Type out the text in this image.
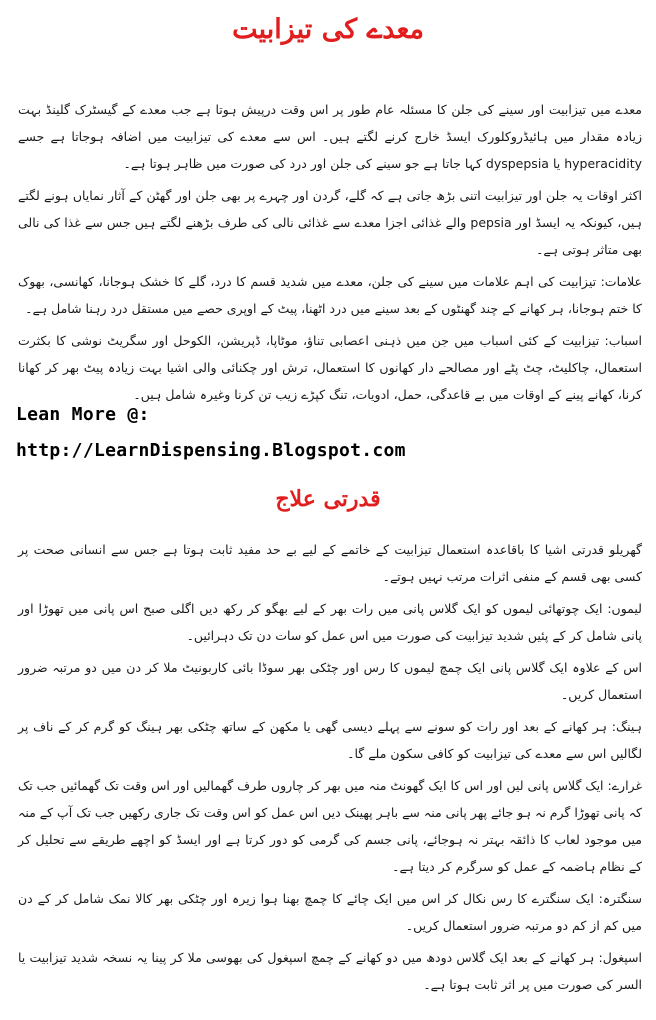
معدے کی تیزابیت

معدے میں تیزابیت اور سینے کی جلن کا مسئلہ عام طور پر اس وقت درپیش ہوتا ہے جب معدے کے گیسٹرک گلینڈ بہت زیادہ مقدار میں ہائیڈروکلورک ایسڈ خارج کرنے لگتے ہیں۔ اس سے معدے کی تیزابیت میں اضافہ ہوجاتا ہے جسے hyperacidity یا dyspepsia کہا جاتا ہے جو سینے کی جلن اور درد کی صورت میں ظاہر ہوتا ہے۔

اکثر اوقات یہ جلن اور تیزابیت اتنی بڑھ جاتی ہے کہ گلے، گردن اور چہرے پر بھی جلن اور گھٹن کے آثار نمایاں ہونے لگتے ہیں، کیونکہ یہ ایسڈ اور pepsia والے غذائی اجزا معدے سے غذائی نالی کی طرف بڑھنے لگتے ہیں جس سے غذا کی نالی بھی متاثر ہوتی ہے۔

علامات: تیزابیت کی اہم علامات میں سینے کی جلن، معدے میں شدید قسم کا درد، گلے کا خشک ہوجانا، کھانسی، بھوک کا ختم ہوجانا، ہر کھانے کے چند گھنٹوں کے بعد سینے میں درد اٹھنا، پیٹ کے اوپری حصے میں مستقل درد رہنا شامل ہے۔

اسباب: تیزابیت کے کئی اسباب میں جن میں ذہنی اعصابی تناؤ، موٹاپا، ڈپریشن، الکوحل اور سگریٹ نوشی کا بکثرت استعمال، چاکلیٹ، چٹ پٹے اور مصالحے دار کھانوں کا استعمال، ترش اور چکنائی والی اشیا بہت زیادہ پیٹ بھر کر کھانا کرنا، کھانے پینے کے اوقات میں بے قاعدگی، حمل، ادویات، تنگ کپڑے زیب تن کرنا وغیرہ شامل ہیں۔

Lean More @:
http://LearnDispensing.Blogspot.com
قدرتی علاج

گھریلو قدرتی اشیا کا باقاعدہ استعمال تیزابیت کے خاتمے کے لیے بے حد مفید ثابت ہوتا ہے جس سے انسانی صحت پر کسی بھی قسم کے منفی اثرات مرتب نہیں ہوتے۔

لیموں: ایک چوتھائی لیموں کو ایک گلاس پانی میں رات بھر کے لیے بھگو کر رکھ دیں اگلی صبح اس پانی میں تھوڑا اور پانی شامل کر کے پئیں شدید تیزابیت کی صورت میں اس عمل کو سات دن تک دہرائیں۔

اس کے علاوہ ایک گلاس پانی ایک چمچ لیموں کا رس اور چٹکی بھر سوڈا بائی کاربونیٹ ملا کر دن میں دو مرتبہ ضرور استعمال کریں۔

ہینگ: ہر کھانے کے بعد اور رات کو سونے سے پہلے دیسی گھی یا مکھن کے ساتھ چٹکی بھر ہینگ کو گرم کر کے ناف پر لگالیں اس سے معدے کی تیزابیت کو کافی سکون ملے گا۔

غرارے: ایک گلاس پانی لیں اور اس کا ایک گھونٹ منہ میں بھر کر چاروں طرف گھمالیں اور اس وقت تک گھمائیں جب تک کہ پانی تھوڑا گرم نہ ہو جائے پھر پانی منہ سے باہر پھینک دیں اس عمل کو اس وقت تک جاری رکھیں جب تک آپ کے منہ میں موجود لعاب کا ذائقہ بہتر نہ ہوجائے، پانی جسم کی گرمی کو دور کرتا ہے اور ایسڈ کو اچھے طریقے سے تحلیل کر کے نظام ہاضمہ کے عمل کو سرگرم کر دیتا ہے۔

سنگترہ: ایک سنگترے کا رس نکال کر اس میں ایک چائے کا چمچ بھنا ہوا زیرہ اور چٹکی بھر کالا نمک شامل کر کے دن میں کم از کم دو مرتبہ ضرور استعمال کریں۔

اسپغول: ہر کھانے کے بعد ایک گلاس دودھ میں دو کھانے کے چمچ اسپغول کی بھوسی ملا کر پینا یہ نسخہ شدید تیزابیت یا السر کی صورت میں پر اثر ثابت ہوتا ہے۔
